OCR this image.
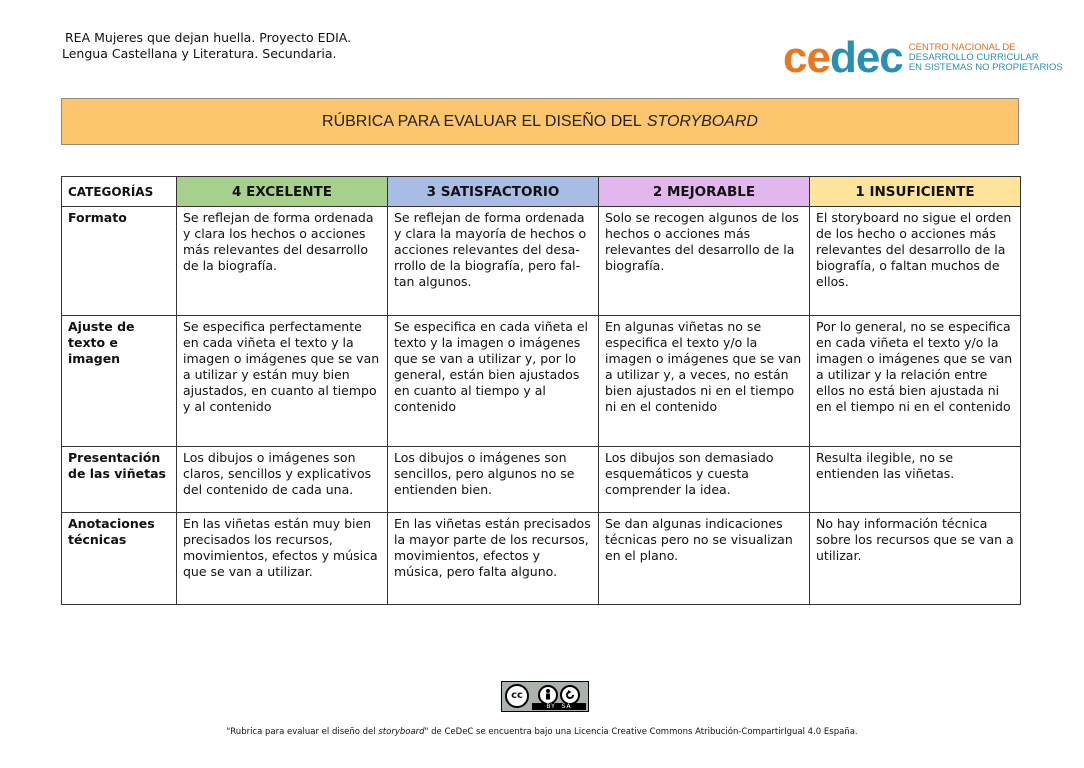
REA Mujeres que dejan huella. Proyecto EDIA.
Lengua Castellana y Literatura. Secundaria.	cedec CENTRO NACIONAL DE
DESARROLLO CURRICULAR
EN SISTEMAS NO PROPIETARIOS
RÚBRICA PARA EVALUAR EL DISEÑO DEL STORYBOARD
CATEGORÍAS	4 EXCELENTE	3 SATISFACTORIO	2 MEJORABLE	1 INSUFICIENTE
Formato	Se reflejan de forma ordenada y clara los hechos o acciones más relevantes del desarrollo de la biografía.	Se reflejan de forma ordenada y clara la mayoría de hechos o acciones relevantes del desa-rrollo de la biografía, pero fal-tan algunos.	Solo se recogen algunos de los hechos o acciones más relevantes del desarrollo de la biografía.	El storyboard no sigue el orden de los hecho o acciones más relevantes del desarrollo de la biografía, o faltan muchos de ellos.
Ajuste de texto e imagen	Se especifica perfectamente en cada viñeta el texto y la imagen o imágenes que se van a utilizar y están muy bien ajustados, en cuanto al tiempo y al contenido	Se especifica en cada viñeta el texto y la imagen o imágenes que se van a utilizar y, por lo general, están bien ajustados en cuanto al tiempo y al contenido	En algunas viñetas no se especifica el texto y/o la imagen o imágenes que se van a utilizar y, a veces, no están bien ajustados ni en el tiempo ni en el contenido	Por lo general, no se especifica en cada viñeta el texto y/o la imagen o imágenes que se van a utilizar y la relación entre ellos no está bien ajustada ni en el tiempo ni en el contenido
Presentación de las viñetas	Los dibujos o imágenes son claros, sencillos y explicativos del contenido de cada una.	Los dibujos o imágenes son sencillos, pero algunos no se entienden bien.	Los dibujos son demasiado esquemáticos y cuesta comprender la idea.	Resulta ilegible, no se entienden las viñetas.
Anotaciones técnicas	En las viñetas están muy bien precisados los recursos, movimientos, efectos y música que se van a utilizar.	En las viñetas están precisados la mayor parte de los recursos, movimientos, efectos y música, pero falta alguno.	Se dan algunas indicaciones técnicas pero no se visualizan en el plano.	No hay información técnica sobre los recursos que se van a utilizar.
cc
BY SA
"Rubrica para evaluar el diseño del storyboard" de CeDeC se encuentra bajo una Licencia Creative Commons Atribución-CompartirIgual 4.0 España.
